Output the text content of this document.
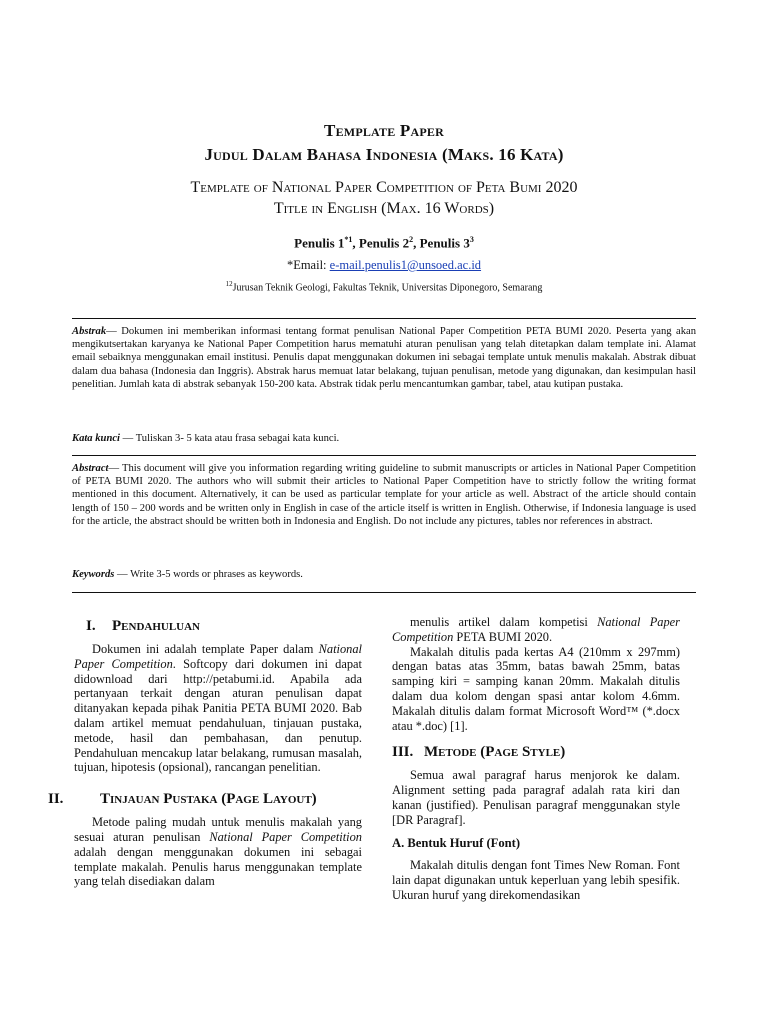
Template Paper
Judul Dalam Bahasa Indonesia (Maks. 16 Kata)
Template of National Paper Competition of Peta Bumi 2020
Title in English (Max. 16 Words)
Penulis 1$^{*1}$, Penulis $2^2$, Penulis $3^3$
*Email: e-mail.penulis1@unsoed.ac.id
$^{12}$Jurusan Teknik Geologi, Fakultas Teknik, Universitas Diponegoro, Semarang
Abstrak— Dokumen ini memberikan informasi tentang format penulisan National Paper Competition PETA BUMI 2020. Peserta yang akan mengikutsertakan karyanya ke National Paper Competition harus mematuhi aturan penulisan yang telah ditetapkan dalam template ini. Alamat email sebaiknya menggunakan email institusi. Penulis dapat menggunakan dokumen ini sebagai template untuk menulis makalah. Abstrak dibuat dalam dua bahasa (Indonesia dan Inggris). Abstrak harus memuat latar belakang, tujuan penulisan, metode yang digunakan, dan kesimpulan hasil penelitian. Jumlah kata di abstrak sebanyak 150-200 kata. Abstrak tidak perlu mencantumkan gambar, tabel, atau kutipan pustaka.
Kata kunci — Tuliskan 3- 5 kata atau frasa sebagai kata kunci.
Abstract— This document will give you information regarding writing guideline to submit manuscripts or articles in National Paper Competition of PETA BUMI 2020. The authors who will submit their articles to National Paper Competition have to strictly follow the writing format mentioned in this document. Alternatively, it can be used as particular template for your article as well. Abstract of the article should contain length of 150 – 200 words and be written only in English in case of the article itself is written in English. Otherwise, if Indonesia language is used for the article, the abstract should be written both in Indonesia and English. Do not include any pictures, tables nor references in abstract.
Keywords — Write 3-5 words or phrases as keywords.
I. Pendahuluan

Dokumen ini adalah template Paper dalam National Paper Competition. Softcopy dari dokumen ini dapat didownload dari http://petabumi.id. Apabila ada pertanyaan terkait dengan aturan penulisan dapat ditanyakan kepada pihak Panitia PETA BUMI 2020. Bab dalam artikel memuat pendahuluan, tinjauan pustaka, metode, hasil dan pembahasan, dan penutup. Pendahuluan mencakup latar belakang, rumusan masalah, tujuan, hipotesis (opsional), rancangan penelitian.

II. Tinjauan Pustaka (Page Layout)

Metode paling mudah untuk menulis makalah yang sesuai aturan penulisan National Paper Competition adalah dengan menggunakan dokumen ini sebagai template makalah. Penulis harus menggunakan template yang telah disediakan dalam

menulis artikel dalam kompetisi National Paper Competition PETA BUMI 2020.

Makalah ditulis pada kertas A4 (210mm x 297mm) dengan batas atas 35mm, batas bawah 25mm, batas samping kiri = samping kanan 20mm. Makalah ditulis dalam dua kolom dengan spasi antar kolom 4.6mm. Makalah ditulis dalam format Microsoft Word™ (*.docx atau *.doc) [1].

III. Metode (Page Style)

Semua awal paragraf harus menjorok ke dalam. Alignment setting pada paragraf adalah rata kiri dan kanan (justified). Penulisan paragraf menggunakan style [DR Paragraf].

A. Bentuk Huruf (Font)

Makalah ditulis dengan font Times New Roman. Font lain dapat digunakan untuk keperluan yang lebih spesifik. Ukuran huruf yang direkomendasikan
